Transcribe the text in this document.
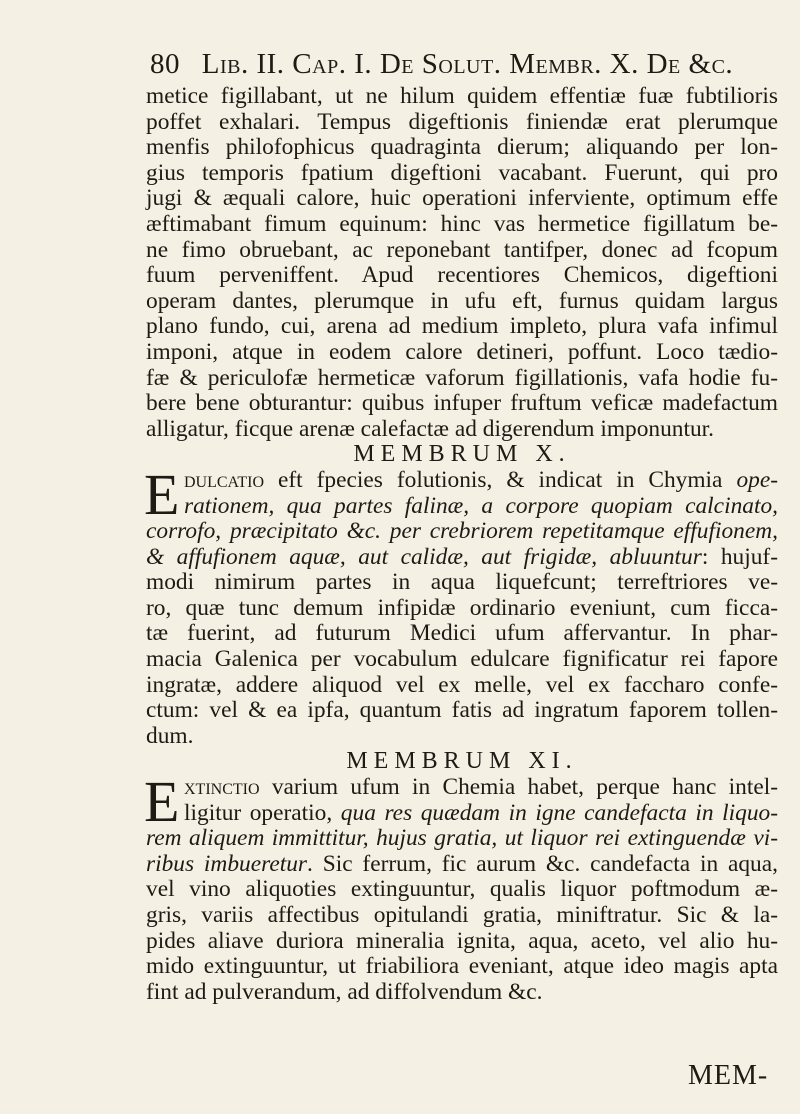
80 Lib. II. Cap. I. De Solut. Membr. X. De &c.
metice figillabant, ut ne hilum quidem effentiæ fuæ fubtilioris
poffet exhalari. Tempus digeftionis finiendæ erat plerumque
menfis philofophicus quadraginta dierum; aliquando per lon-
gius temporis fpatium digeftioni vacabant. Fuerunt, qui pro
jugi & æquali calore, huic operationi inferviente, optimum effe
æftimabant fimum equinum: hinc vas hermetice figillatum be-
ne fimo obruebant, ac reponebant tantifper, donec ad fcopum
fuum perveniffent. Apud recentiores Chemicos, digeftioni
operam dantes, plerumque in ufu eft, furnus quidam largus
plano fundo, cui, arena ad medium impleto, plura vafa infimul
imponi, atque in eodem calore detineri, poffunt. Loco tædio-
fæ & periculofæ hermeticæ vaforum figillationis, vafa hodie fu-
bere bene obturantur: quibus infuper fruftum veficæ madefactum
alligatur, ficque arenæ calefactæ ad digerendum imponuntur.
MEMBRUM X.
E dulcatio eft fpecies folutionis, & indicat in Chymia ope-
rationem, qua partes falinæ, a corpore quopiam calcinato,
corrofo, præcipitato &c. per crebriorem repetitamque effufionem,
& affufionem aquæ, aut calidæ, aut frigidæ, abluuntur: hujuf-
modi nimirum partes in aqua liquefcunt; terreftriores ve-
ro, quæ tunc demum infipidæ ordinario eveniunt, cum ficca-
tæ fuerint, ad futurum Medici ufum affervantur. In phar-
macia Galenica per vocabulum edulcare fignificatur rei fapore
ingratæ, addere aliquod vel ex melle, vel ex faccharo confe-
ctum: vel & ea ipfa, quantum fatis ad ingratum faporem tollen-
dum.
MEMBRUM XI.
E xtinctio varium ufum in Chemia habet, perque hanc intel-
ligitur operatio, qua res quædam in igne candefacta in liquo-
rem aliquem immittitur, hujus gratia, ut liquor rei extinguendæ vi-
ribus imbueretur. Sic ferrum, fic aurum &c. candefacta in aqua,
vel vino aliquoties extinguuntur, qualis liquor poftmodum æ-
gris, variis affectibus opitulandi gratia, miniftratur. Sic & la-
pides aliave duriora mineralia ignita, aqua, aceto, vel alio hu-
mido extinguuntur, ut friabiliora eveniant, atque ideo magis apta
fint ad pulverandum, ad diffolvendum &c.
MEM-
